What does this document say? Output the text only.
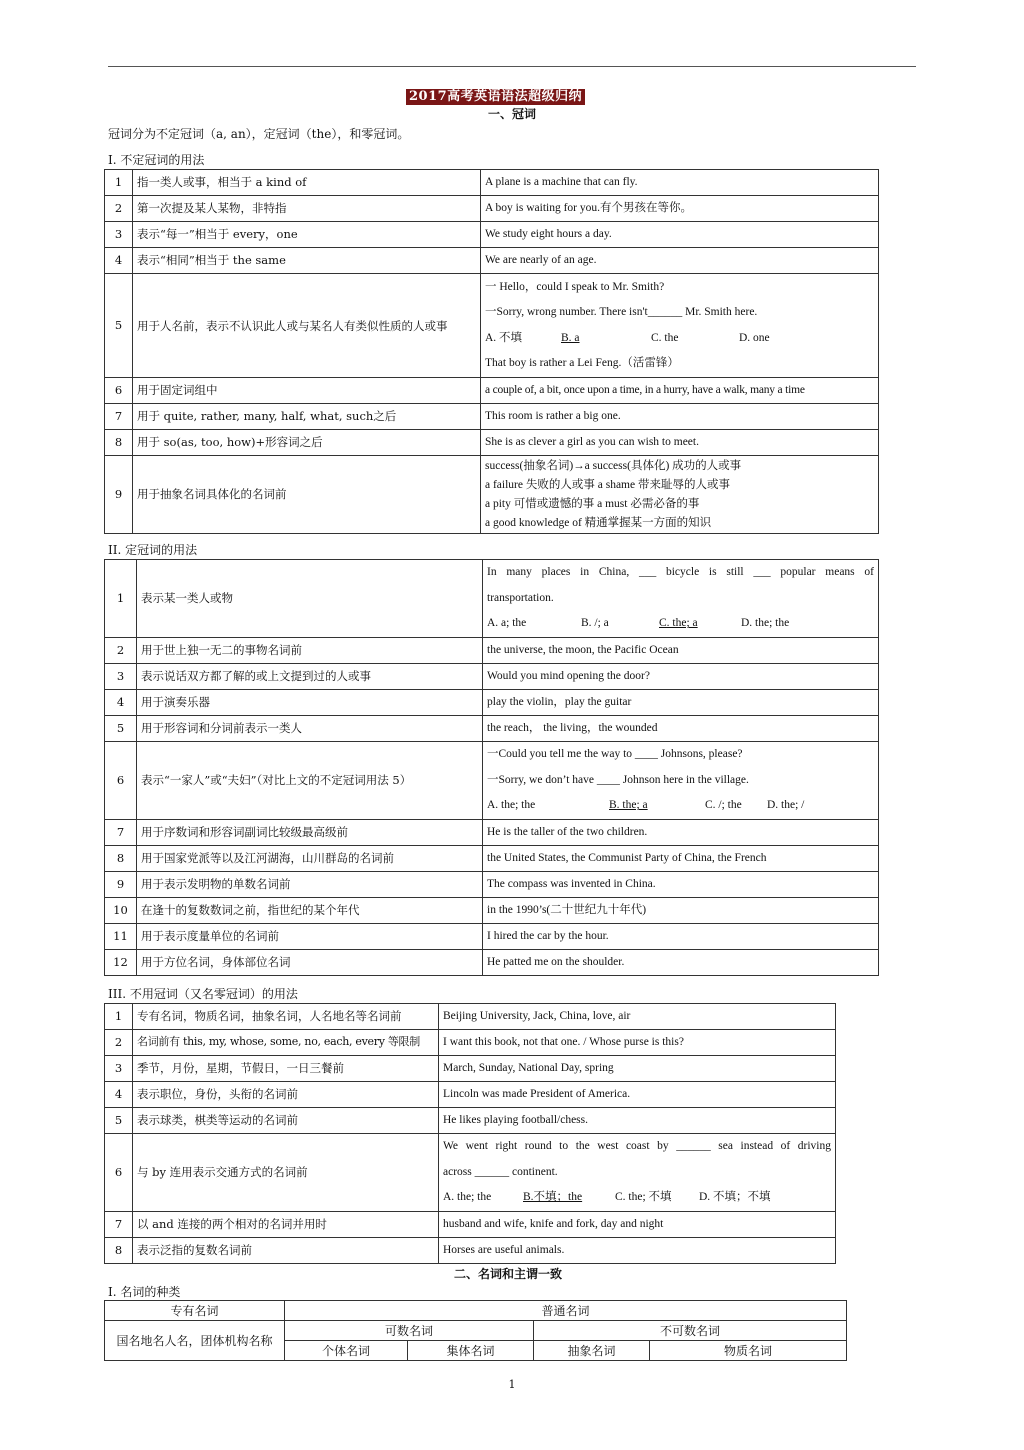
2017高考英语语法超级归纳
一、冠词
冠词分为不定冠词（a, an），定冠词（the），和零冠词。
I. 不定冠词的用法
1	指一类人或事，相当于 a kind of	A plane is a machine that can fly.
2	第一次提及某人某物，非特指	A boy is waiting for you.有个男孩在等你。
3	表示“每一”相当于 every，one	We study eight hours a day.
4	表示“相同”相当于 the same	We are nearly of an age.
5	用于人名前，表示不认识此人或与某名人有类似性质的人或事	一 Hello，could I speak to Mr. Smith?
一Sorry, wrong number. There isn't______ Mr. Smith here.
A. 不填 B. a C. the D. one
That boy is rather a Lei Feng.（活雷锋）

6	用于固定词组中	a couple of, a bit, once upon a time, in a hurry, have a walk, many a time
7	用于 quite, rather, many, half, what, such之后	This room is rather a big one.
8	用于 so(as, too, how)+形容词之后	She is as clever a girl as you can wish to meet.
9	用于抽象名词具体化的名词前	success(抽象名词)→a success(具体化) 成功的人或事
a failure 失败的人或事 a shame 带来耻辱的人或事
a pity 可惜或遗憾的事 a must 必需必备的事
a good knowledge of 精通掌握某一方面的知识
II. 定冠词的用法
1	表示某一类人或物	In many places in China, ___ bicycle is still ___ popular means of
transportation.
A. a; the B. /; a C. the; a D. the; the

2	用于世上独一无二的事物名词前	the universe, the moon, the Pacific Ocean
3	表示说话双方都了解的或上文提到过的人或事	Would you mind opening the door?
4	用于演奏乐器	play the violin，play the guitar
5	用于形容词和分词前表示一类人	the reach， the living，the wounded
6	表示“一家人”或“夫妇”（对比上文的不定冠词用法 5）	一Could you tell me the way to ____ Johnsons, please?
一Sorry, we don’t have ____ Johnson here in the village.
A. the; the B. the; a C. /; the D. the; /

7	用于序数词和形容词副词比较级最高级前	He is the taller of the two children.
8	用于国家党派等以及江河湖海，山川群岛的名词前	the United States, the Communist Party of China, the French
9	用于表示发明物的单数名词前	The compass was invented in China.
10	在逢十的复数数词之前，指世纪的某个年代	in the 1990’s(二十世纪九十年代)
11	用于表示度量单位的名词前	I hired the car by the hour.
12	用于方位名词，身体部位名词	He patted me on the shoulder.
III. 不用冠词（又名零冠词）的用法
1	专有名词，物质名词，抽象名词，人名地名等名词前	Beijing University, Jack, China, love, air
2	名词前有 this, my, whose, some, no, each, every 等限制	I want this book, not that one. / Whose purse is this?
3	季节，月份，星期，节假日，一日三餐前	March, Sunday, National Day, spring
4	表示职位，身份，头衔的名词前	Lincoln was made President of America.
5	表示球类，棋类等运动的名词前	He likes playing football/chess.
6	与 by 连用表示交通方式的名词前	We went right round to the west coast by ______ sea instead of driving
across ______ continent.
A. the; the B.不填；the C. the; 不填 D. 不填；不填

7	以 and 连接的两个相对的名词并用时	husband and wife, knife and fork, day and night
8	表示泛指的复数名词前	Horses are useful animals.
二、名词和主谓一致
I. 名词的种类
专有名词	普通名词			
国名地名人名，团体机构名称	可数名词		不可数名词	
	个体名词	集体名词	抽象名词	物质名词
1
